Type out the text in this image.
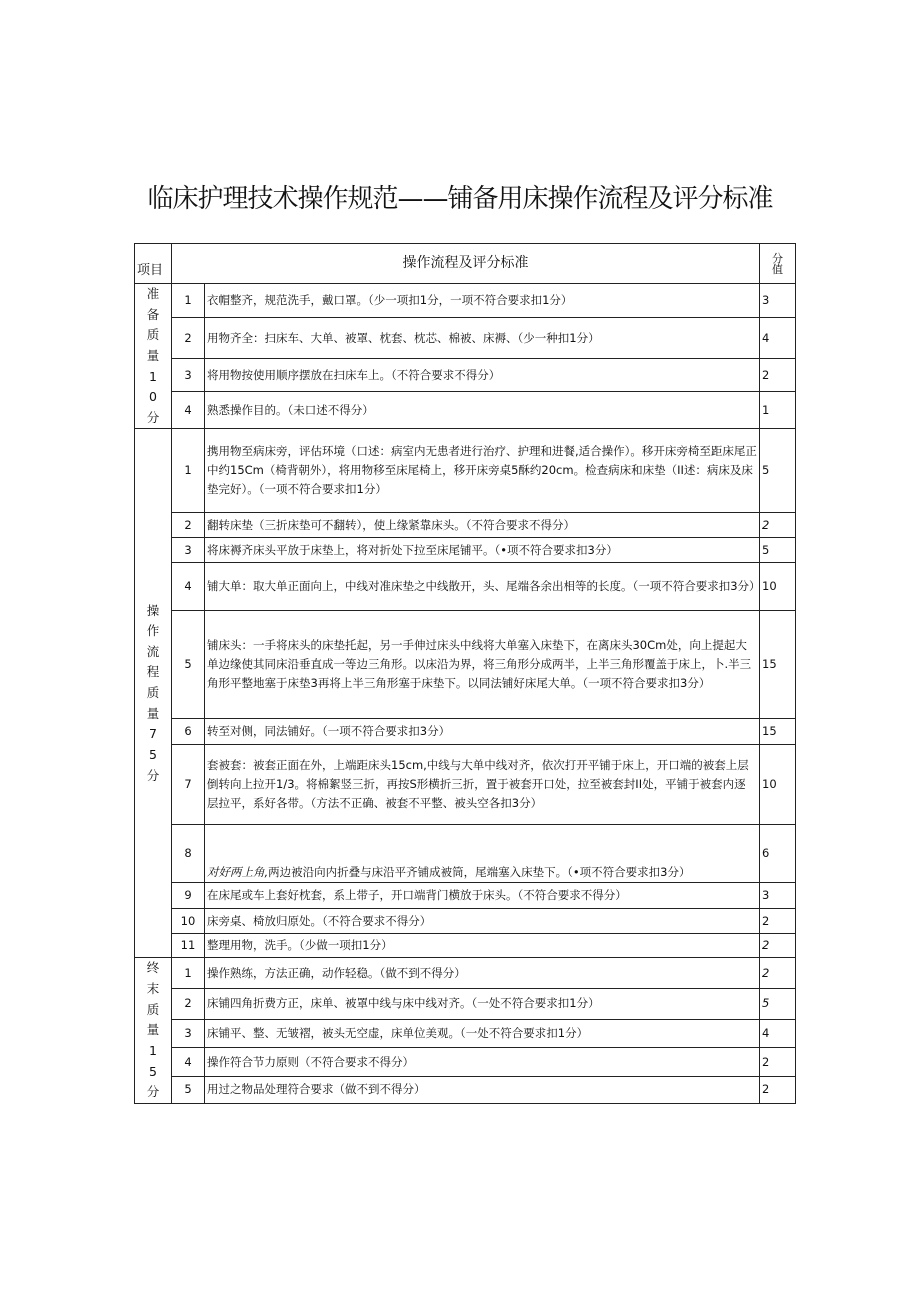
临床护理技术操作规范——铺备用床操作流程及评分标准
项目	操作流程及评分标准		分值
准备质量10分	1	衣帽整齐，规范洗手，戴口罩。（少一项扣1分，一项不符合要求扣1分）	3
	2	用物齐全：扫床车、大单、被罩、枕套、枕芯、棉被、床褥、（少一种扣1分）	4
	3	将用物按使用顺序摆放在扫床车上。（不符合要求不得分）	2
	4	熟悉操作目的。（未口述不得分）	1
操作流程质量75分	1	携用物至病床旁，评估环境（口述：病室内无患者进行治疗、护理和进餐,适合操作）。移开床旁椅至距床尾正中约15Cm（椅背朝外），将用物移至床尾椅上，移开床旁桌5酥约20cm。检查病床和床垫（II述：病床及床垫完好）。（一项不符合要求扣1分）	5
	2	翻转床垫（三折床垫可不翻转），使上缘紧靠床头。（不符合要求不得分）	2
	3	将床褥齐床头平放于床垫上，将对折处下拉至床尾铺平。（•项不符合要求扣3分）	5
	4	铺大单：取大单正面向上，中线对准床垫之中线散开，头、尾端各余出相等的长度。（一项不符合要求扣3分）	10
	5	铺床头：一手将床头的床垫托起，另一手伸过床头中线将大单塞入床垫下，在离床头30Cm处，向上提起大单边缘使其同床沿垂直成一等边三角形。以床沿为界，将三角形分成两半，上半三角形覆盖于床上，卜.半三角形平整地塞于床垫3再将上半三角形塞于床垫下。以同法铺好床尾大单。（一项不符合要求扣3分）	15
	6	转至对侧，同法铺好。（一项不符合要求扣3分）	15
	7	套被套：被套正面在外，上端距床头15cm,中线与大单中线对齐，依次打开平铺于床上，开口端的被套上层倒转向上拉开1/3。将棉絮竖三折，再按S形横折三折，置于被套开口处，拉至被套封II处，平铺于被套内逐层拉平，系好各带。（方法不正确、被套不平整、被头空各扣3分）	10
	8	对好两上角,两边被沿向内折叠与床沿平齐铺成被筒，尾端塞入床垫下。（•项不符合要求扣3分）	6
	9	在床尾或车上套好枕套，系上带子，开口端背门横放于床头。（不符合要求不得分）	3
	10	床旁桌、椅放归原处。（不符合要求不得分）	2
	11	整理用物，洗手。（少做一项扣1分）	2
终末质量15分	1	操作熟练，方法正确，动作轻稳。（做不到不得分）	2
	2	床铺四角折费方正，床单、被罩中线与床中线对齐。（一处不符合要求扣1分）	5
	3	床铺平、整、无皱褶，被头无空虚，床单位美观。（一处不符合要求扣1分）	4
	4	操作符合节力原则（不符合要求不得分）	2
	5	用过之物品处理符合要求（做不到不得分）	2
